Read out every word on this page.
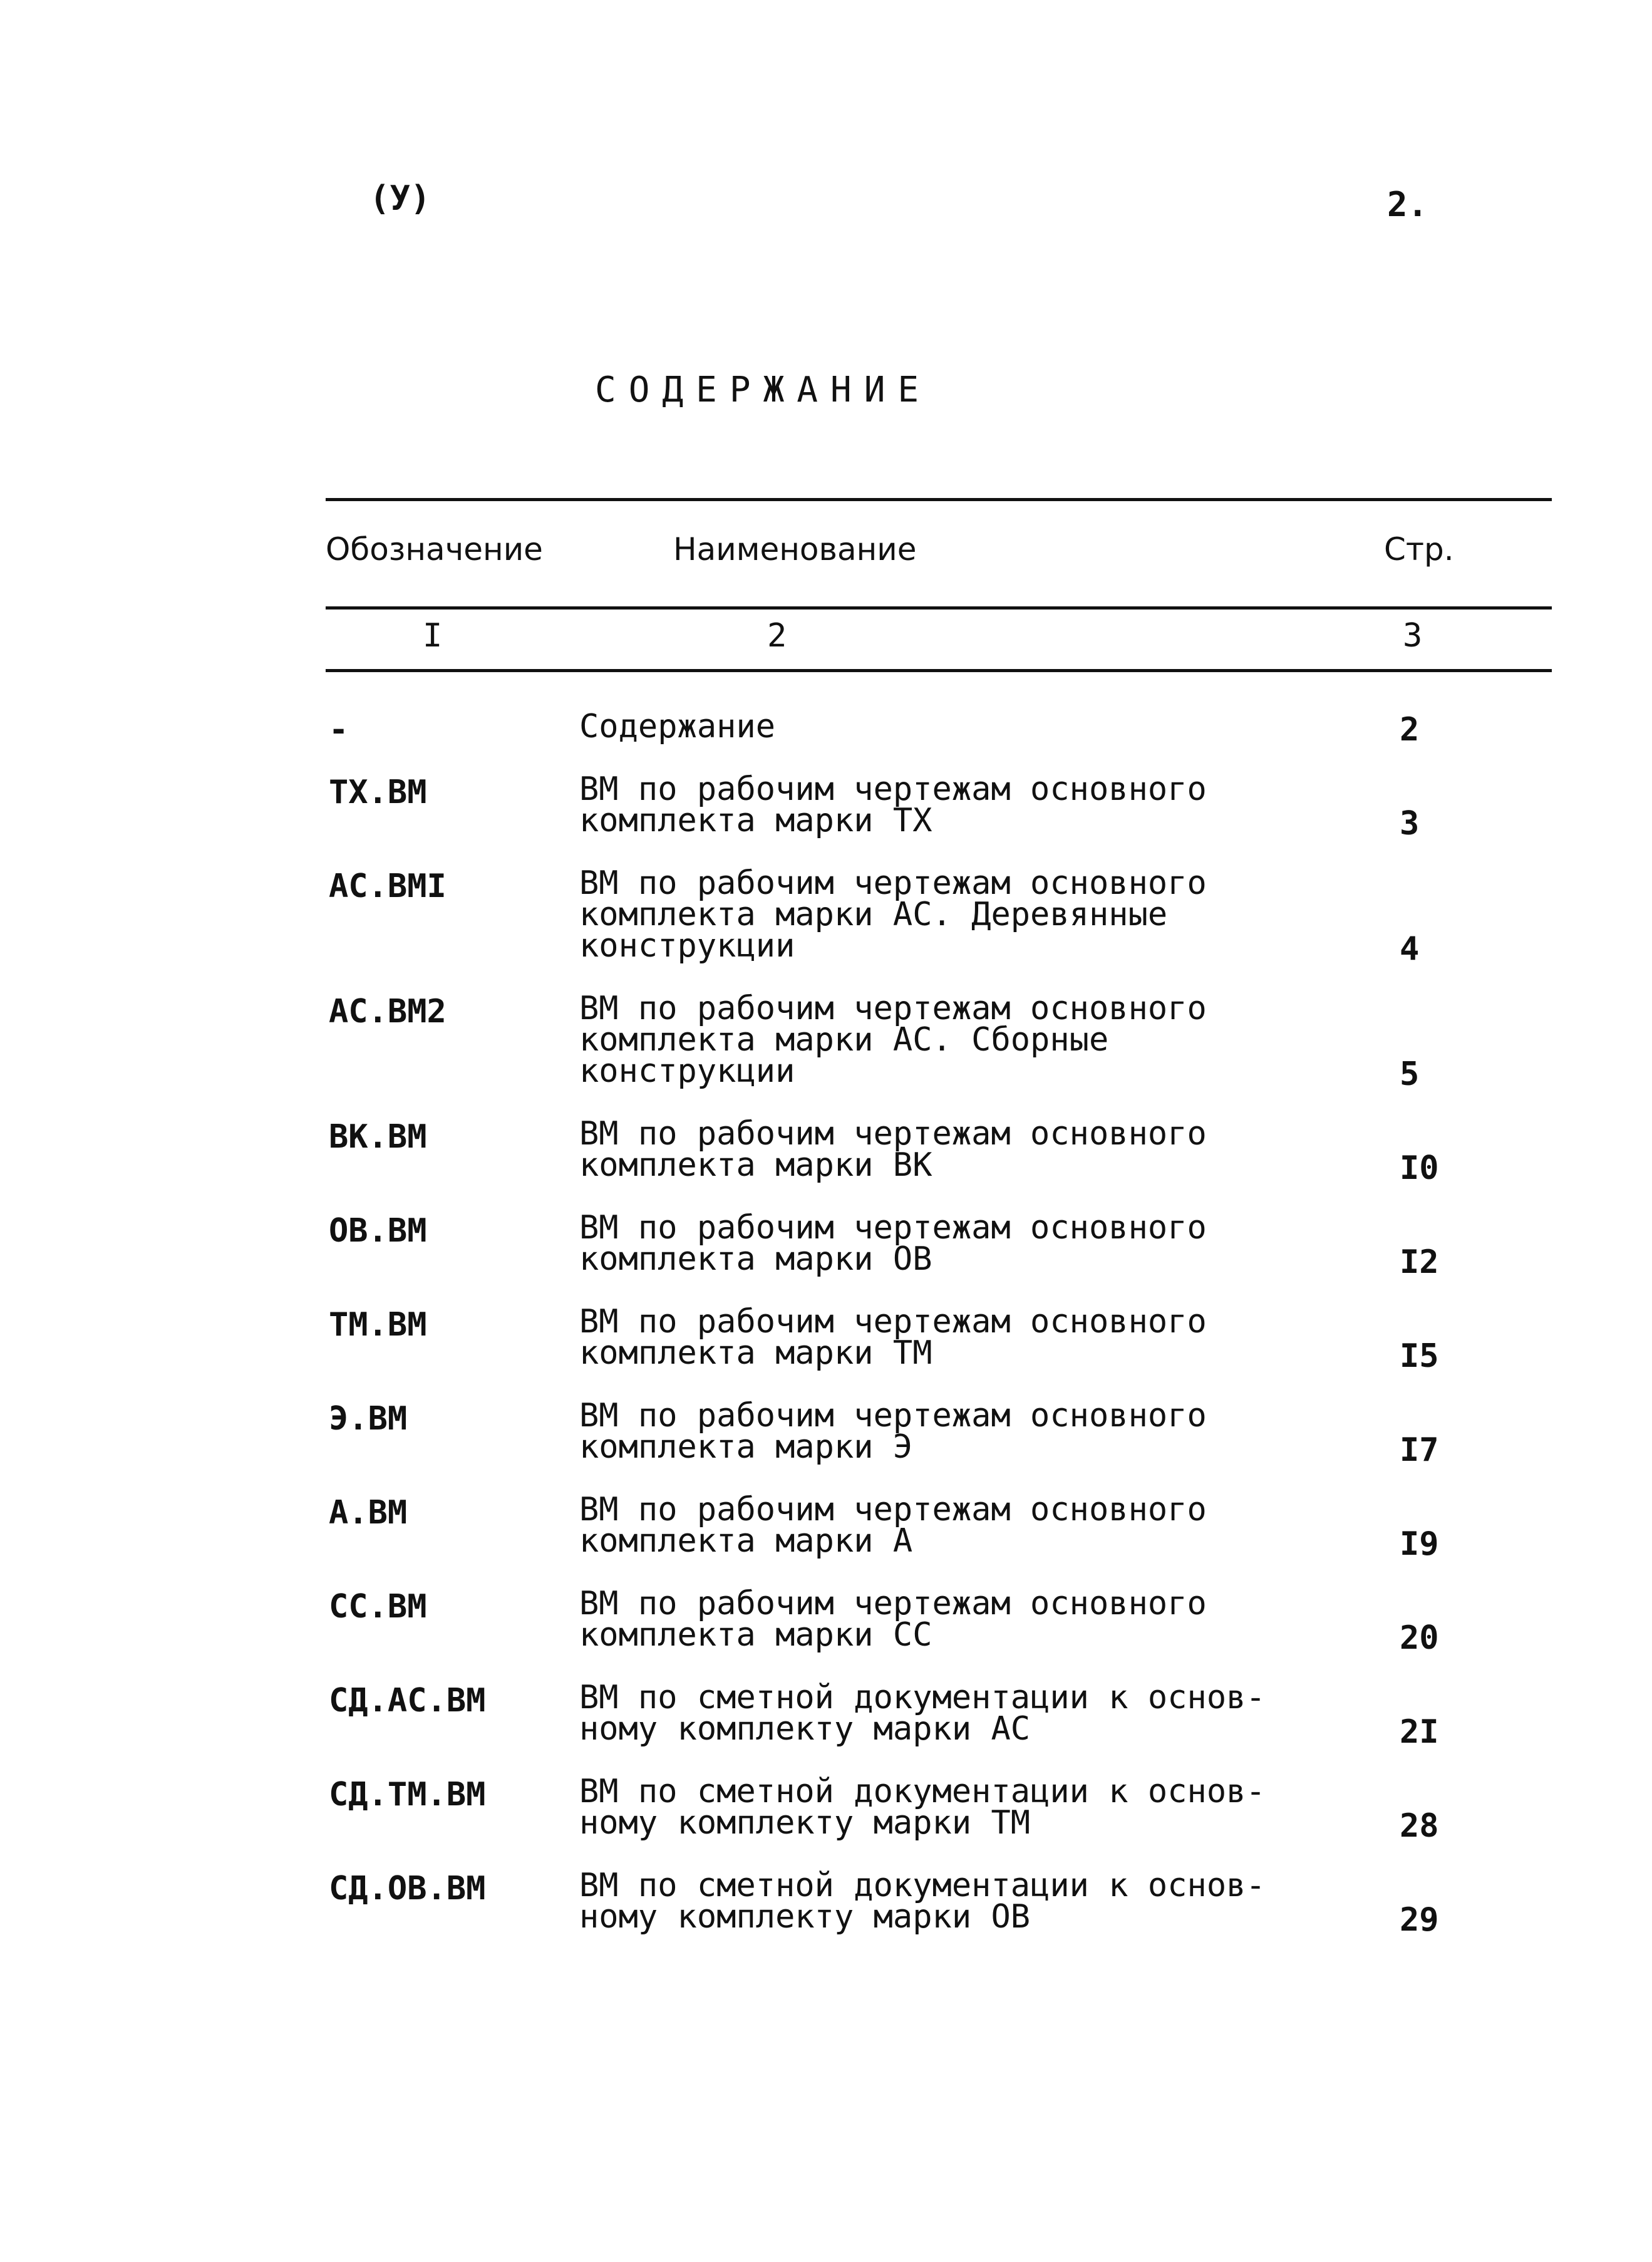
(У)	2.
СОДЕРЖАНИЕ
Обозначение	Наименование	Стр.
I	2	3
-	Содержание	2
ТХ.ВМ	ВМ по рабочим чертежам основного
комплекта марки ТХ	3
АС.ВМI	ВМ по рабочим чертежам основного
комплекта марки АС. Деревянные
конструкции	4
АС.ВМ2	ВМ по рабочим чертежам основного
комплекта марки АС. Сборные
конструкции	5
ВК.ВМ	ВМ по рабочим чертежам основного
комплекта марки ВК	I0
ОВ.ВМ	ВМ по рабочим чертежам основного
комплекта марки ОВ	I2
ТМ.ВМ	ВМ по рабочим чертежам основного
комплекта марки ТМ	I5
Э.ВМ	ВМ по рабочим чертежам основного
комплекта марки Э	I7
А.ВМ	ВМ по рабочим чертежам основного
комплекта марки А	I9
СС.ВМ	ВМ по рабочим чертежам основного
комплекта марки СС	20
СД.АС.ВМ	ВМ по сметной документации к основ-
ному комплекту марки АС	2I
СД.ТМ.ВМ	ВМ по сметной документации к основ-
ному комплекту марки ТМ	28
СД.ОВ.ВМ	ВМ по сметной документации к основ-
ному комплекту марки ОВ	29
